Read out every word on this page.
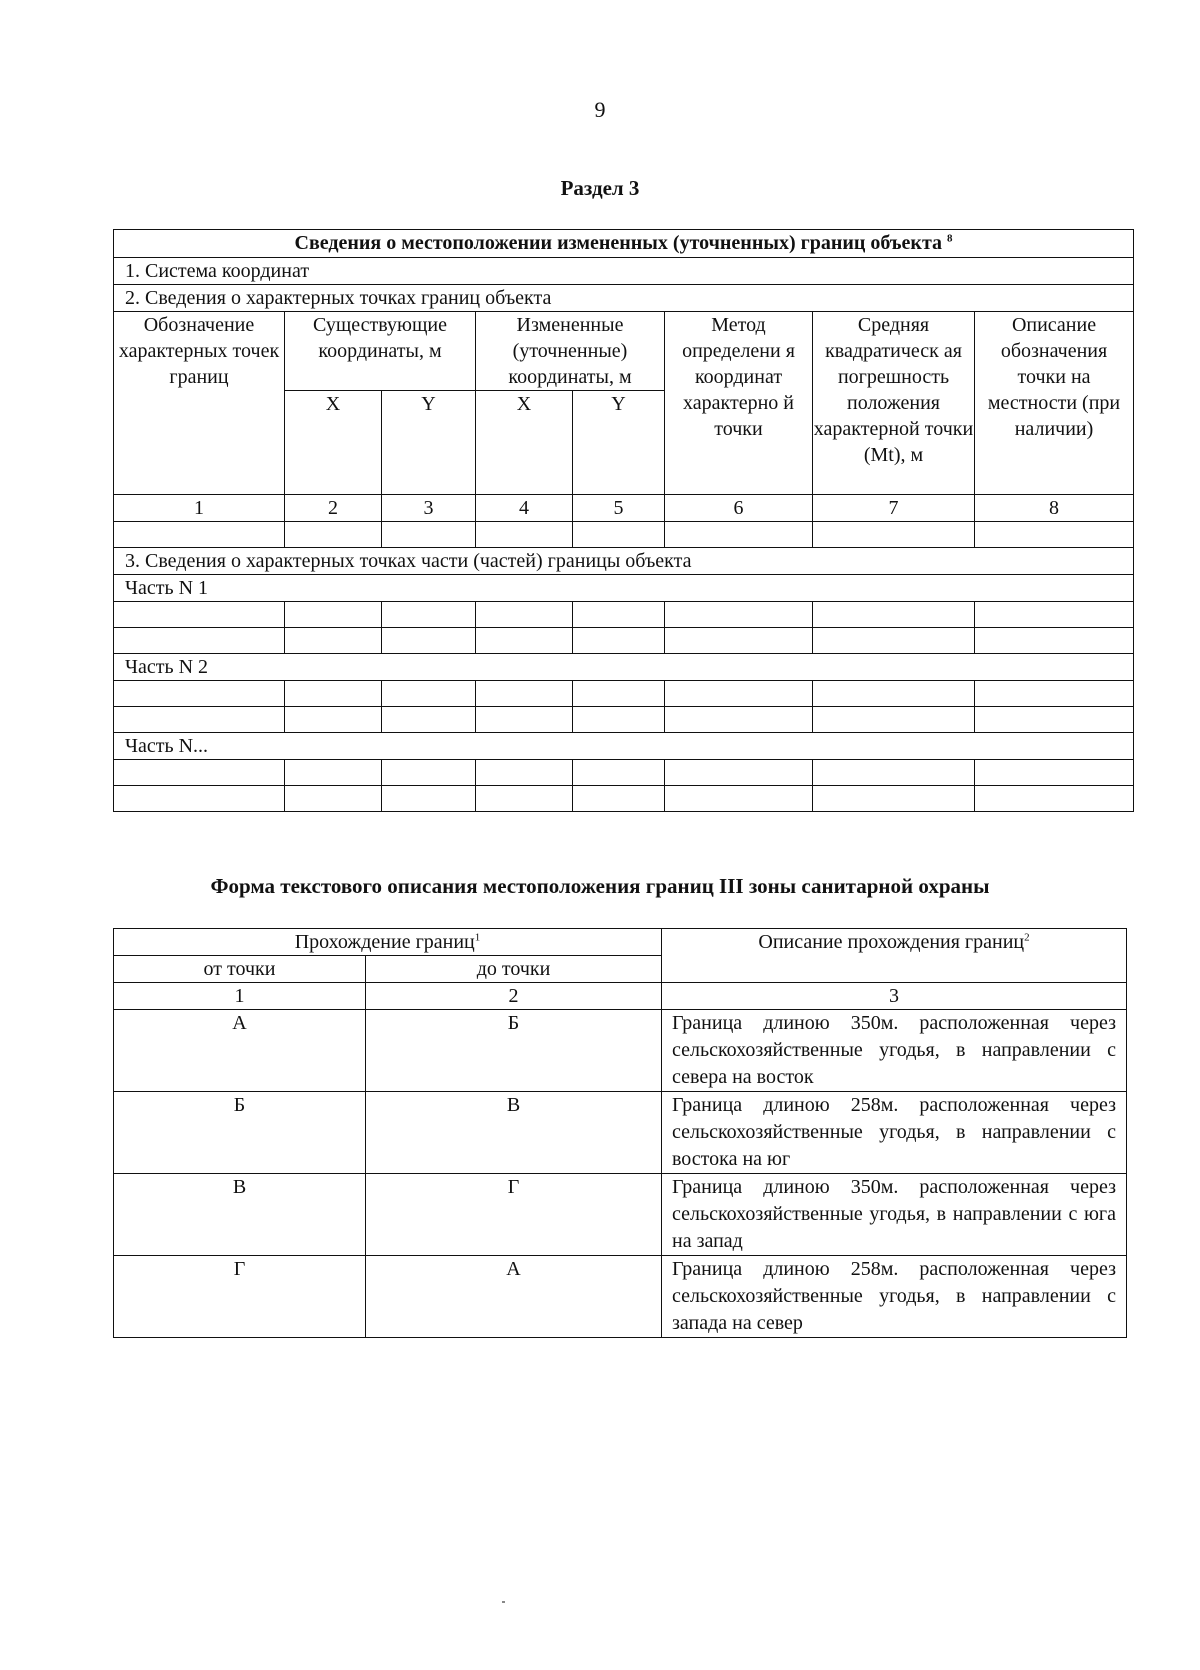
9
Раздел 3
Сведения о местоположении измененных (уточненных) границ объекта $^8$
1. Система координат							
2. Сведения о характерных точках границ объекта							
Обозначение характерных точек границ	Существующие координаты, м		Измененные (уточненные) координаты, м		Метод определени я координат характерно й точки	Средняя квадратическ ая погрешность положения характерной точки (Mt), м	Описание обозначения точки на местности (при наличии)
	X	Y	X	Y			
1	2	3	4	5	6	7	8

3. Сведения о характерных точках части (частей) границы объекта							
Часть N 1							

Часть N 2							

Часть N...							

Форма текстового описания местоположения границ III зоны санитарной охраны
Прохождение границ$^1$		Описание прохождения границ$^2$
от точки	до точки	
1	2	3
А	Б	Граница длиною 350м. расположенная через сельскохозяйственные угодья, в направлении с севера на восток
Б	В	Граница длиною 258м. расположенная через сельскохозяйственные угодья, в направлении с востока на юг
В	Г	Граница длиною 350м. расположенная через сельскохозяйственные угодья, в направлении с юга на запад
Г	А	Граница длиною 258м. расположенная через сельскохозяйственные угодья, в направлении с запада на север
